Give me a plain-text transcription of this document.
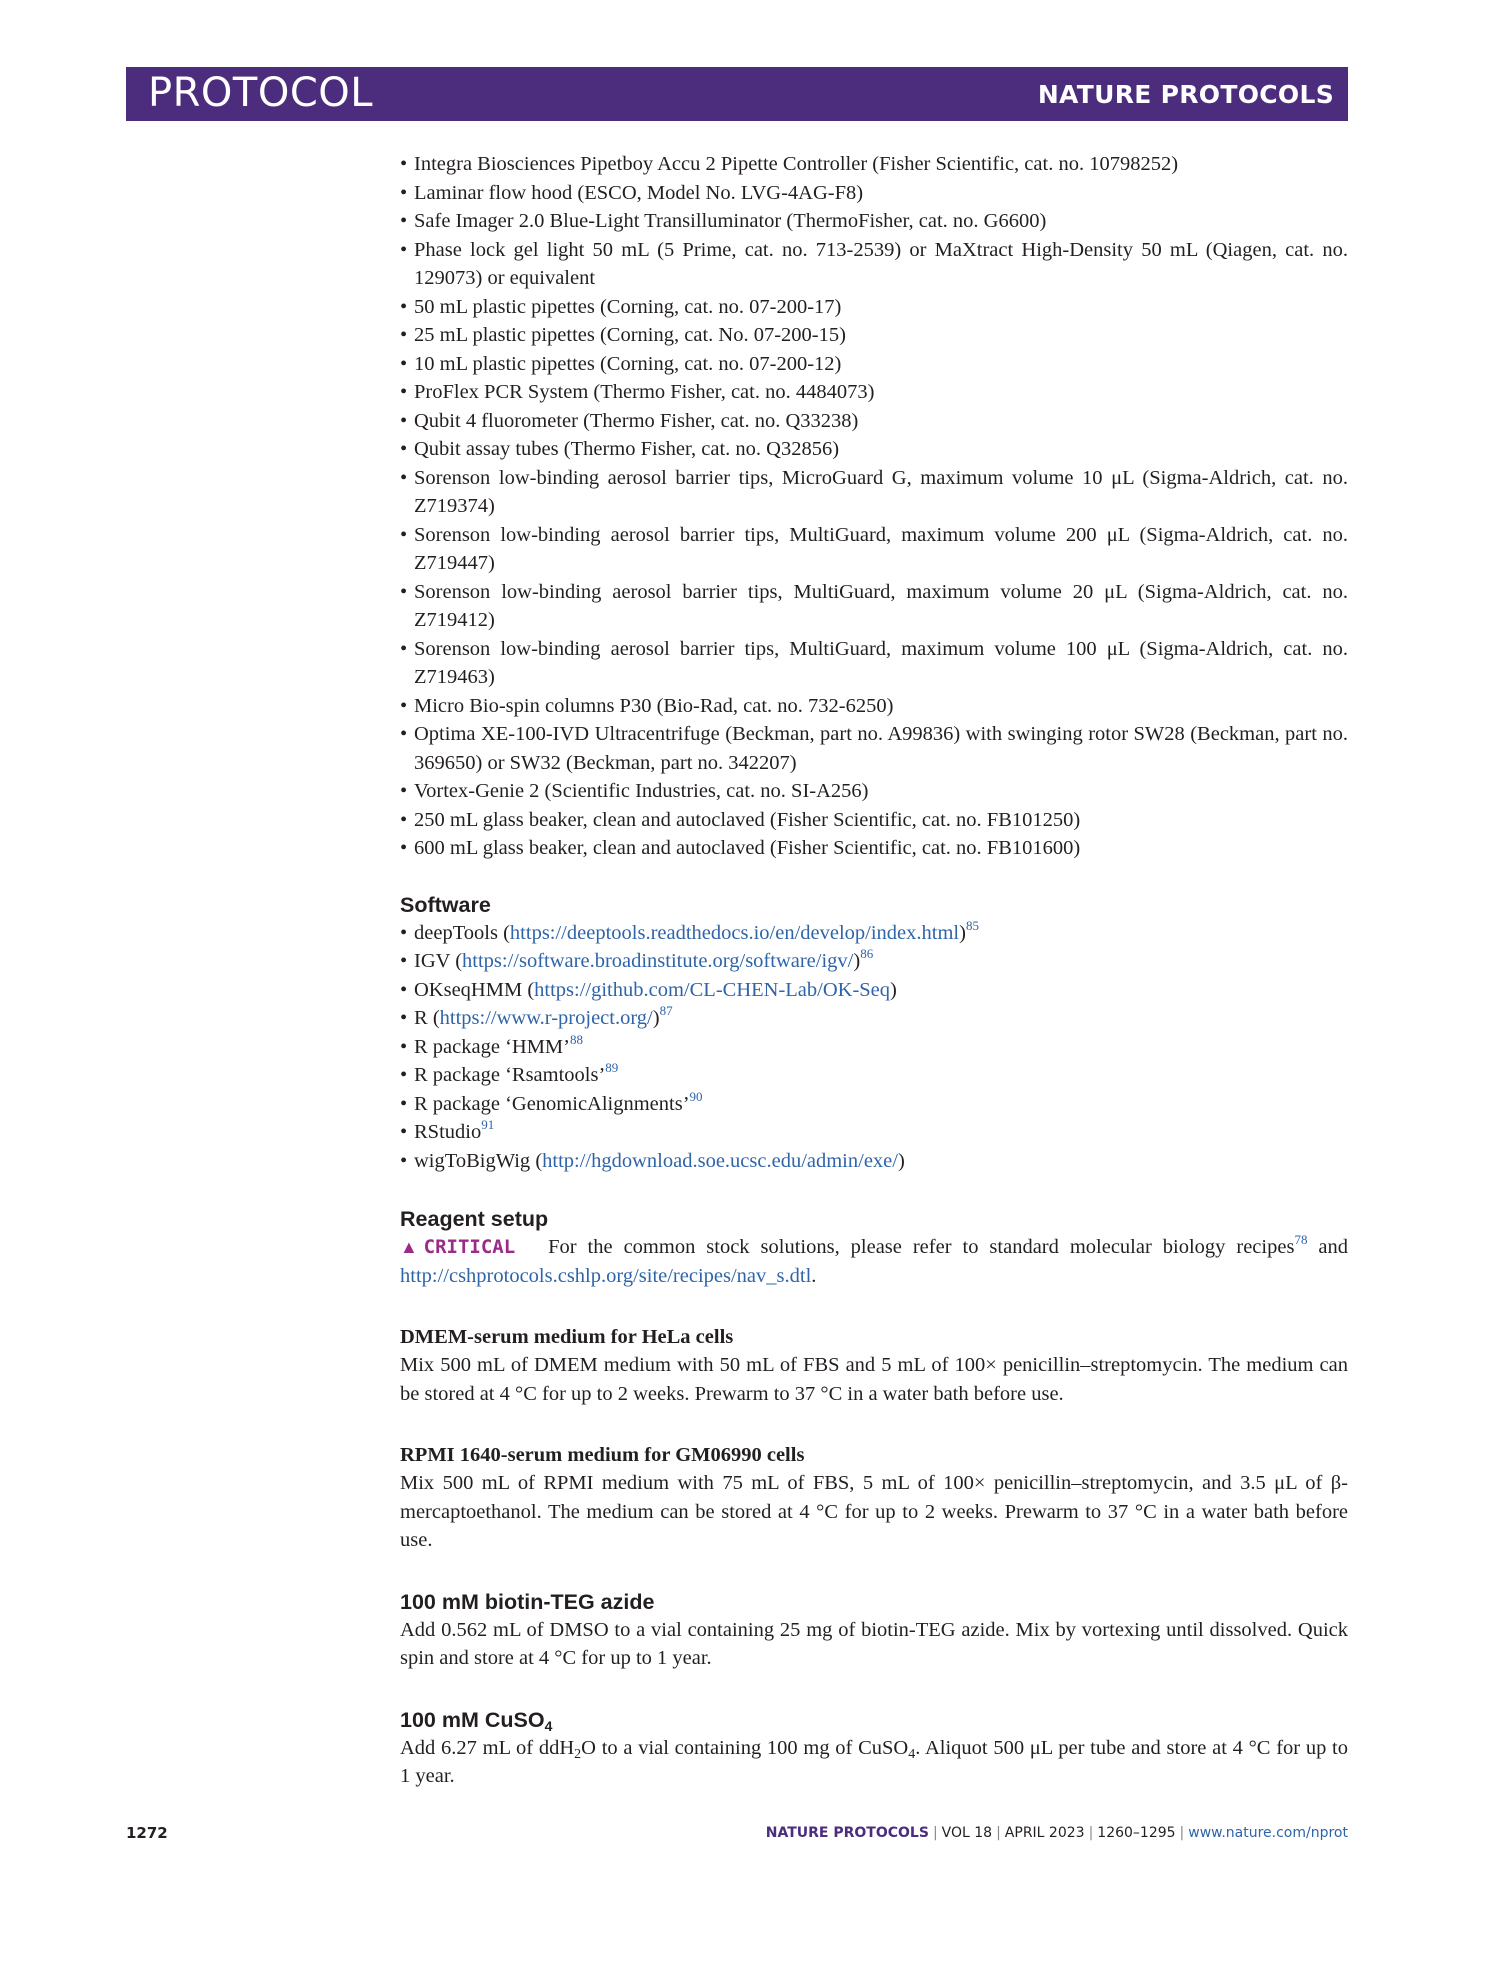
PROTOCOL	NATURE PROTOCOLS
• Integra Biosciences Pipetboy Accu 2 Pipette Controller (Fisher Scientific, cat. no. 10798252)
• Laminar flow hood (ESCO, Model No. LVG-4AG-F8)
• Safe Imager 2.0 Blue-Light Transilluminator (ThermoFisher, cat. no. G6600)
• Phase lock gel light 50 mL (5 Prime, cat. no. 713-2539) or MaXtract High-Density 50 mL (Qiagen, cat. no. 129073) or equivalent
• 50 mL plastic pipettes (Corning, cat. no. 07-200-17)
• 25 mL plastic pipettes (Corning, cat. No. 07-200-15)
• 10 mL plastic pipettes (Corning, cat. no. 07-200-12)
• ProFlex PCR System (Thermo Fisher, cat. no. 4484073)
• Qubit 4 fluorometer (Thermo Fisher, cat. no. Q33238)
• Qubit assay tubes (Thermo Fisher, cat. no. Q32856)
• Sorenson low-binding aerosol barrier tips, MicroGuard G, maximum volume 10 μL (Sigma-Aldrich, cat. no. Z719374)
• Sorenson low-binding aerosol barrier tips, MultiGuard, maximum volume 200 μL (Sigma-Aldrich, cat. no. Z719447)
• Sorenson low-binding aerosol barrier tips, MultiGuard, maximum volume 20 μL (Sigma-Aldrich, cat. no. Z719412)
• Sorenson low-binding aerosol barrier tips, MultiGuard, maximum volume 100 μL (Sigma-Aldrich, cat. no. Z719463)
• Micro Bio-spin columns P30 (Bio-Rad, cat. no. 732-6250)
• Optima XE-100-IVD Ultracentrifuge (Beckman, part no. A99836) with swinging rotor SW28 (Beckman, part no. 369650) or SW32 (Beckman, part no. 342207)
• Vortex-Genie 2 (Scientific Industries, cat. no. SI-A256)
• 250 mL glass beaker, clean and autoclaved (Fisher Scientific, cat. no. FB101250)
• 600 mL glass beaker, clean and autoclaved (Fisher Scientific, cat. no. FB101600)
Software
• deepTools (https://deeptools.readthedocs.io/en/develop/index.html)$^{85}$
• IGV (https://software.broadinstitute.org/software/igv/)$^{86}$
• OKseqHMM (https://github.com/CL-CHEN-Lab/OK-Seq)
• R (https://www.r-project.org/)$^{87}$
• R package ‘HMM’$^{88}$
• R package ‘Rsamtools’$^{89}$
• R package ‘GenomicAlignments’$^{90}$
• RStudio$^{91}$
• wigToBigWig (http://hgdownload.soe.ucsc.edu/admin/exe/)
Reagent setup

▲CRITICAL For the common stock solutions, please refer to standard molecular biology recipes$^{78}$ and http://cshprotocols.cshlp.org/site/recipes/nav_s.dtl.

DMEM-serum medium for HeLa cells

Mix 500 mL of DMEM medium with 50 mL of FBS and 5 mL of 100× penicillin–streptomycin. The medium can be stored at 4 °C for up to 2 weeks. Prewarm to 37 °C in a water bath before use.

RPMI 1640-serum medium for GM06990 cells

Mix 500 mL of RPMI medium with 75 mL of FBS, 5 mL of 100× penicillin–streptomycin, and 3.5 μL of β-mercaptoethanol. The medium can be stored at 4 °C for up to 2 weeks. Prewarm to 37 °C in a water bath before use.

100 mM biotin-TEG azide

Add 0.562 mL of DMSO to a vial containing 25 mg of biotin-TEG azide. Mix by vortexing until dissolved. Quick spin and store at 4 °C for up to 1 year.

100 mM CuSO$_4$

Add 6.27 mL of ddH$_2$O to a vial containing 100 mg of CuSO$_4$. Aliquot 500 μL per tube and store at 4 °C for up to 1 year.

1272	NATURE PROTOCOLS | VOL 18 | APRIL 2023 | 1260–1295 | www.nature.com/nprot
